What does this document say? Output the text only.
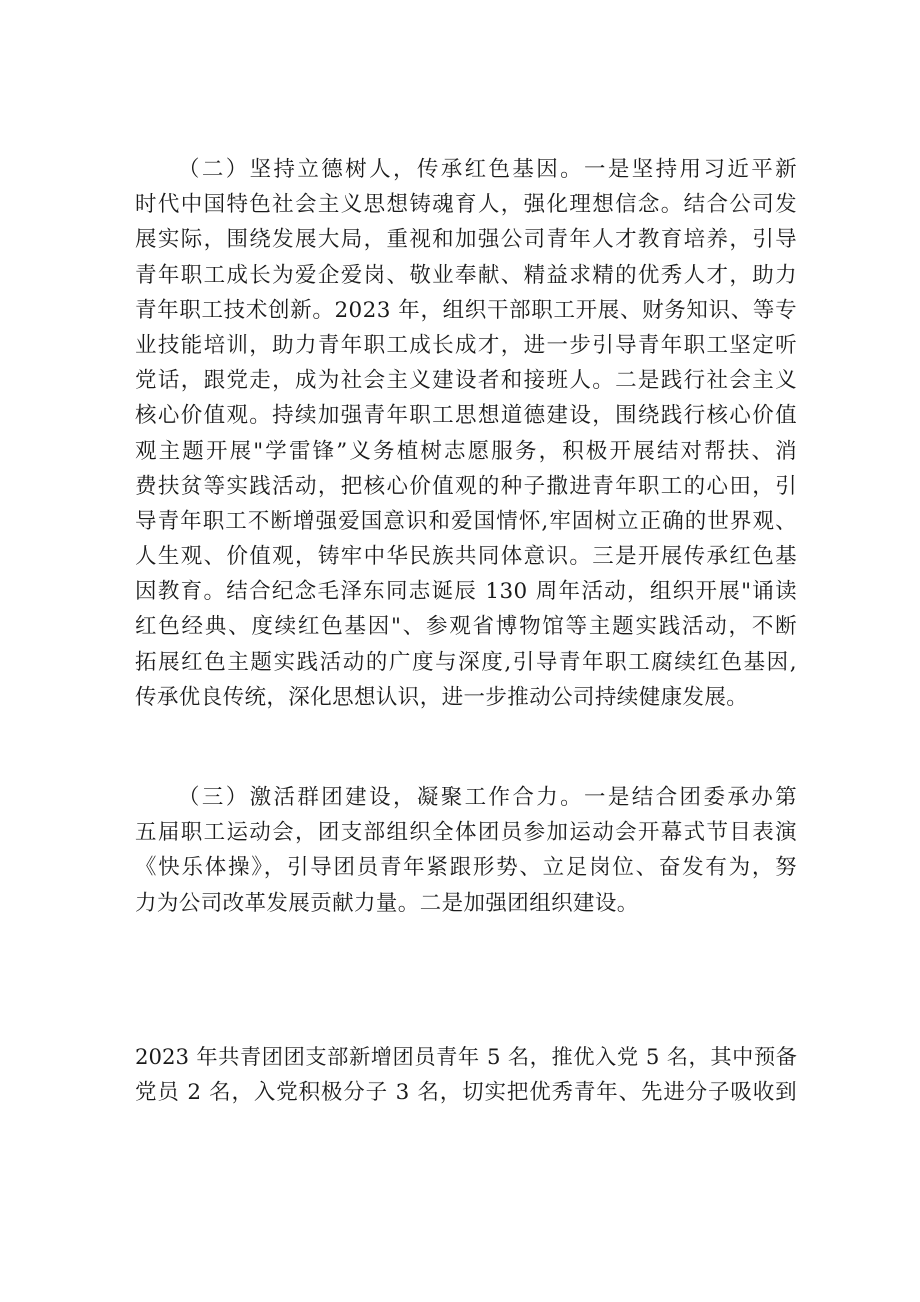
（二）坚持立德树人，传承红色基因。一是坚持用习近平新
时代中国特色社会主义思想铸魂育人，强化理想信念。结合公司发
展实际，围绕发展大局，重视和加强公司青年人才教育培养，引导
青年职工成长为爱企爱岗、敬业奉献、精益求精的优秀人才，助力
青年职工技术创新。2023 年，组织干部职工开展、财务知识、等专
业技能培训，助力青年职工成长成才，进一步引导青年职工坚定听
党话，跟党走，成为社会主义建设者和接班人。二是践行社会主义
核心价值观。持续加强青年职工思想道德建设，围绕践行核心价值
观主题开展"学雷锋”义务植树志愿服务，积极开展结对帮扶、消
费扶贫等实践活动，把核心价值观的种子撒进青年职工的心田，引
导青年职工不断增强爱国意识和爱国情怀,牢固树立正确的世界观、
人生观、价值观，铸牢中华民族共同体意识。三是开展传承红色基
因教育。结合纪念毛泽东同志诞辰 130 周年活动，组织开展"诵读
红色经典、度续红色基因"、参观省博物馆等主题实践活动，不断
拓展红色主题实践活动的广度与深度,引导青年职工腐续红色基因,
传承优良传统，深化思想认识，进一步推动公司持续健康发展。
（三）激活群团建设，凝聚工作合力。一是结合团委承办第
五届职工运动会，团支部组织全体团员参加运动会开幕式节目表演
《快乐体操》，引导团员青年紧跟形势、立足岗位、奋发有为，努
力为公司改革发展贡献力量。二是加强团组织建设。
2023 年共青团团支部新增团员青年 5 名，推优入党 5 名，其中预备
党员 2 名，入党积极分子 3 名，切实把优秀青年、先进分子吸收到
